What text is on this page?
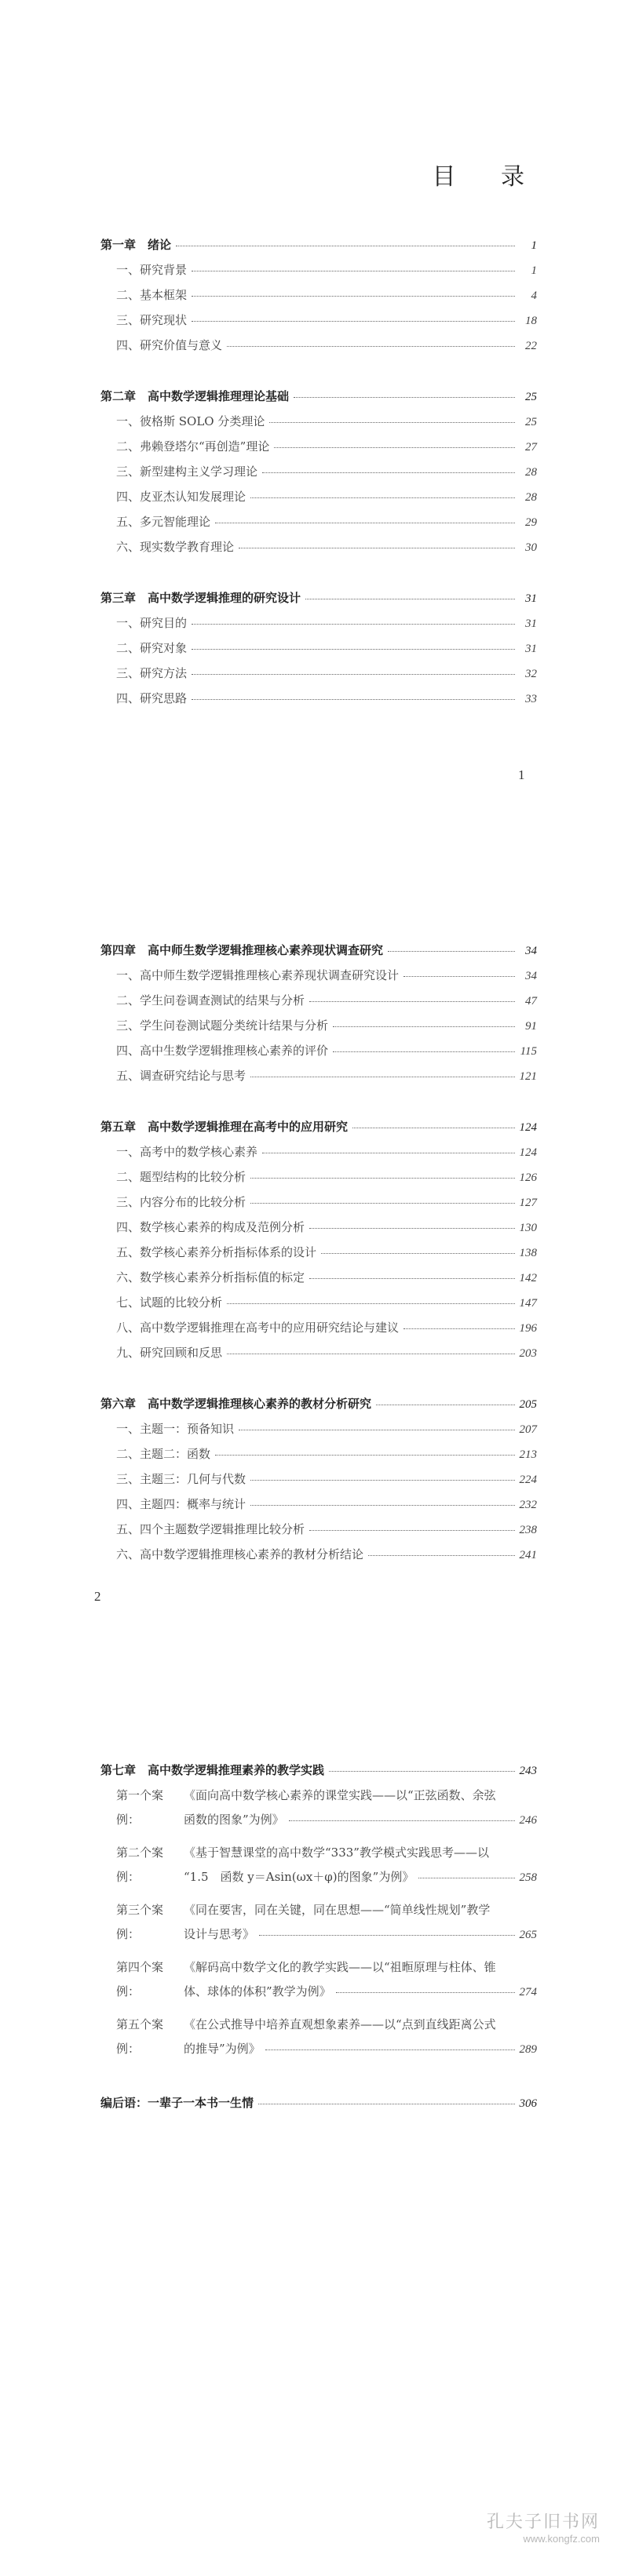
目 录
第一章　绪论	1
一、研究背景	1
二、基本框架	4
三、研究现状	18
四、研究价值与意义	22
第二章　高中数学逻辑推理理论基础	25
一、彼格斯 SOLO 分类理论	25
二、弗赖登塔尔“再创造”理论	27
三、新型建构主义学习理论	28
四、皮亚杰认知发展理论	28
五、多元智能理论	29
六、现实数学教育理论	30
第三章　高中数学逻辑推理的研究设计	31
一、研究目的	31
二、研究对象	31
三、研究方法	32
四、研究思路	33
1
第四章　高中师生数学逻辑推理核心素养现状调查研究	34
一、高中师生数学逻辑推理核心素养现状调查研究设计	34
二、学生问卷调查测试的结果与分析	47
三、学生问卷测试题分类统计结果与分析	91
四、高中生数学逻辑推理核心素养的评价	115
五、调查研究结论与思考	121
第五章　高中数学逻辑推理在高考中的应用研究	124
一、高考中的数学核心素养	124
二、题型结构的比较分析	126
三、内容分布的比较分析	127
四、数学核心素养的构成及范例分析	130
五、数学核心素养分析指标体系的设计	138
六、数学核心素养分析指标值的标定	142
七、试题的比较分析	147
八、高中数学逻辑推理在高考中的应用研究结论与建议	196
九、研究回顾和反思	203
第六章　高中数学逻辑推理核心素养的教材分析研究	205
一、主题一：预备知识	207
二、主题二：函数	213
三、主题三：几何与代数	224
四、主题四：概率与统计	232
五、四个主题数学逻辑推理比较分析	238
六、高中数学逻辑推理核心素养的教材分析结论	241
2
第七章　高中数学逻辑推理素养的教学实践	243
第一个案例：
《面向高中数学核心素养的课堂实践——以“正弦函数、余弦
函数的图象”为例》	246
第二个案例：
《基于智慧课堂的高中数学“333”教学模式实践思考——以
“1.5　函数 y＝Asin(ωx＋φ)的图象”为例》	258
第三个案例：
《同在要害，同在关键，同在思想——“简单线性规划”教学
设计与思考》	265
第四个案例：
《解码高中数学文化的教学实践——以“祖暅原理与柱体、锥
体、球体的体积”教学为例》	274
第五个案例：
《在公式推导中培养直观想象素养——以“点到直线距离公式
的推导”为例》	289
编后语：一辈子一本书一生情	306
孔夫子旧书网
www.kongfz.com
